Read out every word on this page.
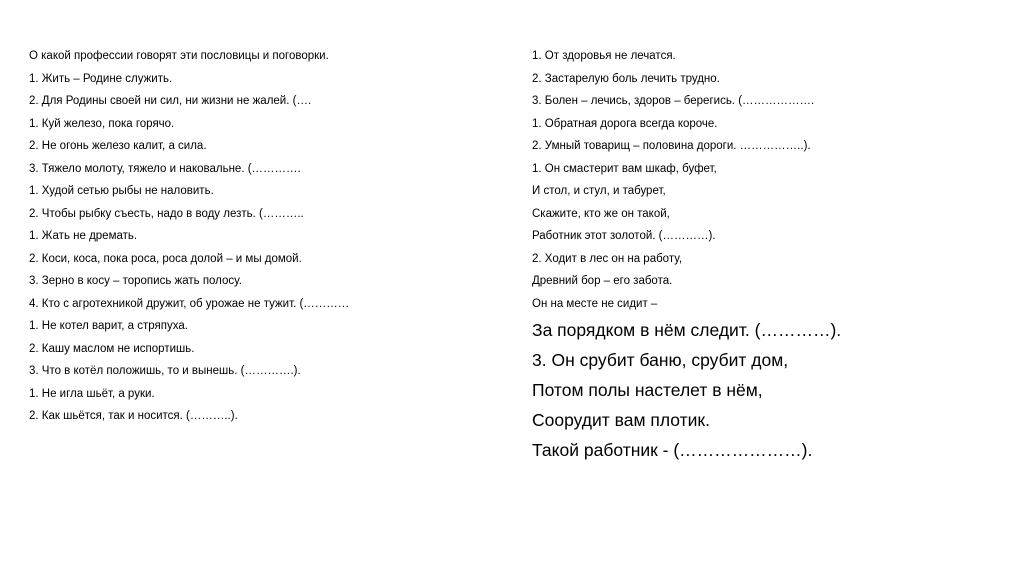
О какой профессии говорят эти пословицы и поговорки.
1. Жить – Родине служить.
2. Для Родины своей ни сил, ни жизни не жалей. (….
1. Куй железо, пока горячо.
2. Не огонь железо калит, а сила.
3. Тяжело молоту, тяжело и наковальне. (………….
1. Худой сетью рыбы не наловить.
2. Чтобы рыбку съесть, надо в воду лезть. (………..
1. Жать не дремать.
2. Коси, коса, пока роса, роса долой – и мы домой.
3. Зерно в косу – торопись жать полосу.
4. Кто с агротехникой дружит, об урожае не тужит. (…………
1. Не котел варит, а стряпуха.
2. Кашу маслом не испортишь.
3. Что в котёл положишь, то и вынешь. (………….).
1. Не игла шьёт, а руки.
2. Как шьётся, так и носится. (………..).
1. От здоровья не лечатся.
2. Застарелую боль лечить трудно.
3. Болен – лечись, здоров – берегись. (……………….
1. Обратная дорога всегда короче.
2. Умный товарищ – половина дороги. ……………..).
1. Он смастерит вам шкаф, буфет,
И стол, и стул, и табурет,
Скажите, кто же он такой,
Работник этот золотой. (…………).
2. Ходит в лес он на работу,
Древний бор – его забота.
Он на месте не сидит –
За порядком в нём следит. (…………).
3. Он срубит баню, срубит дом,
Потом полы настелет в нём,
Соорудит вам плотик.
Такой работник - (…………………).
